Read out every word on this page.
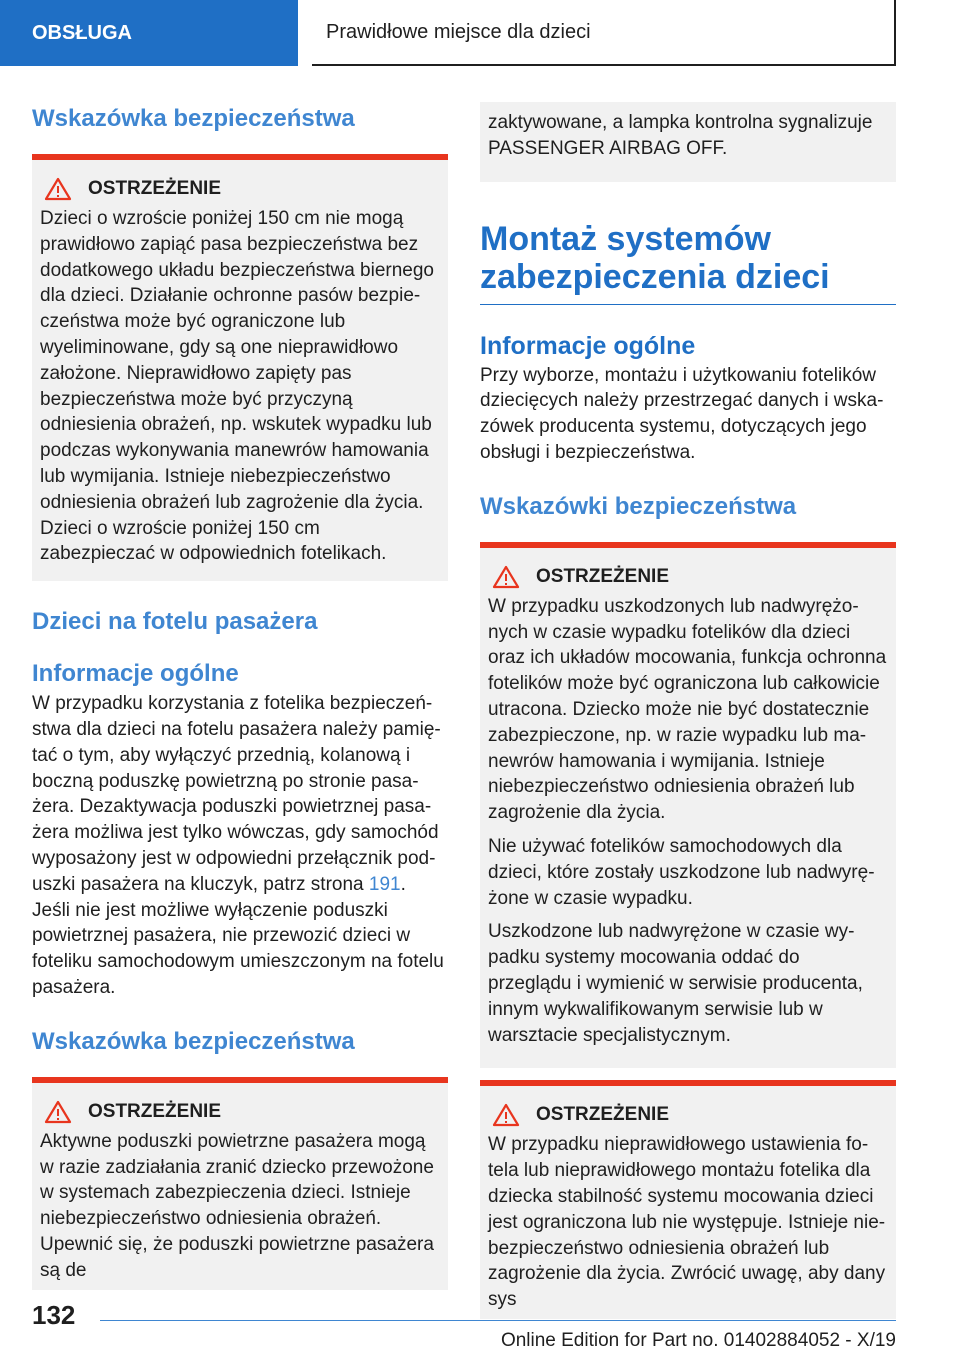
OBSŁUGA	Prawidłowe miejsce dla dzieci
Wskazówka bezpieczeństwa
OSTRZEŻENIE

Dzieci o wzroście poniżej 150 cm nie mogą prawidłowo zapiąć pasa bezpieczeństwa bez dodatkowego układu bezpieczeństwa biernego dla dzieci. Działanie ochronne pasów bezpieczeństwa może być ograniczone lub wyeliminowane, gdy są one nieprawidłowo założone. Nieprawidłowo zapięty pas bezpieczeństwa może być przyczyną odniesienia obrażeń, np. wskutek wypadku lub podczas wykonywania manewrów hamowania lub wymijania. Istnieje niebezpieczeństwo odniesienia obrażeń lub zagrożenie dla życia. Dzieci o wzroście poniżej 150 cm zabezpieczać w odpowiednich fotelikach.

Dzieci na fotelu pasażera
Informacje ogólne

W przypadku korzystania z fotelika bezpieczeństwa dla dzieci na fotelu pasażera należy pamiętać o tym, aby wyłączyć przednią, kolanową i boczną poduszkę powietrzną po stronie pasażera. Dezaktywacja poduszki powietrznej pasażera możliwa jest tylko wówczas, gdy samochód wyposażony jest w odpowiedni przełącznik poduszki pasażera na kluczyk, patrz strona 191. Jeśli nie jest możliwe wyłączenie poduszki powietrznej pasażera, nie przewozić dzieci w foteliku samochodowym umieszczonym na fotelu pasażera.

Wskazówka bezpieczeństwa
OSTRZEŻENIE

Aktywne poduszki powietrzne pasażera mogą w razie zadziałania zranić dziecko przewożone w systemach zabezpieczenia dzieci. Istnieje niebezpieczeństwo odniesienia obrażeń. Upewnić się, że poduszki powietrzne pasażera są de

zaktywowane, a lampka kontrolna sygnalizuje PASSENGER AIRBAG OFF.

Montaż systemów zabezpieczenia dzieci
Informacje ogólne

Przy wyborze, montażu i użytkowaniu fotelików dziecięcych należy przestrzegać danych i wskazówek producenta systemu, dotyczących jego obsługi i bezpieczeństwa.

Wskazówki bezpieczeństwa
OSTRZEŻENIE

W przypadku uszkodzonych lub nadwyrężonych w czasie wypadku fotelików dla dzieci oraz ich układów mocowania, funkcja ochronna fotelików może być ograniczona lub całkowicie utracona. Dziecko może nie być dostatecznie zabezpieczone, np. w razie wypadku lub manewrów hamowania i wymijania. Istnieje niebezpieczeństwo odniesienia obrażeń lub zagrożenie dla życia.

Nie używać fotelików samochodowych dla dzieci, które zostały uszkodzone lub nadwyrężone w czasie wypadku.

Uszkodzone lub nadwyrężone w czasie wypadku systemy mocowania oddać do przeglądu i wymienić w serwisie producenta, innym wykwalifikowanym serwisie lub w warsztacie specjalistycznym.

OSTRZEŻENIE

W przypadku nieprawidłowego ustawienia fotela lub nieprawidłowego montażu fotelika dla dziecka stabilność systemu mocowania dzieci jest ograniczona lub nie występuje. Istnieje niebezpieczeństwo odniesienia obrażeń lub zagrożenie dla życia. Zwrócić uwagę, aby dany sys

132
Online Edition for Part no. 01402884052 - X/19
